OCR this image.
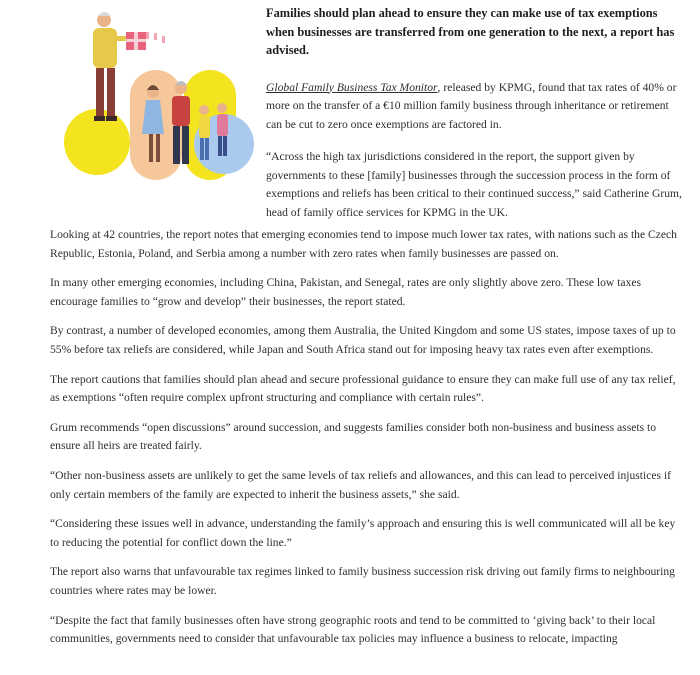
Families should plan ahead to ensure they can make use of tax exemptions when businesses are transferred from one generation to the next, a report has advised.

Global Family Business Tax Monitor, released by KPMG, found that tax rates of 40% or more on the transfer of a €10 million family business through inheritance or retirement can be cut to zero once exemptions are factored in.

“Across the high tax jurisdictions considered in the report, the support given by governments to these [family] businesses through the succession process in the form of exemptions and reliefs has been critical to their continued success,” said Catherine Grum, head of family office services for KPMG in the UK.

Looking at 42 countries, the report notes that emerging economies tend to impose much lower tax rates, with nations such as the Czech Republic, Estonia, Poland, and Serbia among a number with zero rates when family businesses are passed on.

In many other emerging economies, including China, Pakistan, and Senegal, rates are only slightly above zero. These low taxes encourage families to “grow and develop” their businesses, the report stated.

By contrast, a number of developed economies, among them Australia, the United Kingdom and some US states, impose taxes of up to 55% before tax reliefs are considered, while Japan and South Africa stand out for imposing heavy tax rates even after exemptions.

The report cautions that families should plan ahead and secure professional guidance to ensure they can make full use of any tax relief, as exemptions “often require complex upfront structuring and compliance with certain rules”.

Grum recommends “open discussions” around succession, and suggests families consider both non-business and business assets to ensure all heirs are treated fairly.

“Other non-business assets are unlikely to get the same levels of tax reliefs and allowances, and this can lead to perceived injustices if only certain members of the family are expected to inherit the business assets,” she said.

“Considering these issues well in advance, understanding the family’s approach and ensuring this is well communicated will all be key to reducing the potential for conflict down the line.”

The report also warns that unfavourable tax regimes linked to family business succession risk driving out family firms to neighbouring countries where rates may be lower.

“Despite the fact that family businesses often have strong geographic roots and tend to be committed to ‘giving back’ to their local communities, governments need to consider that unfavourable tax policies may influence a business to relocate, impacting
